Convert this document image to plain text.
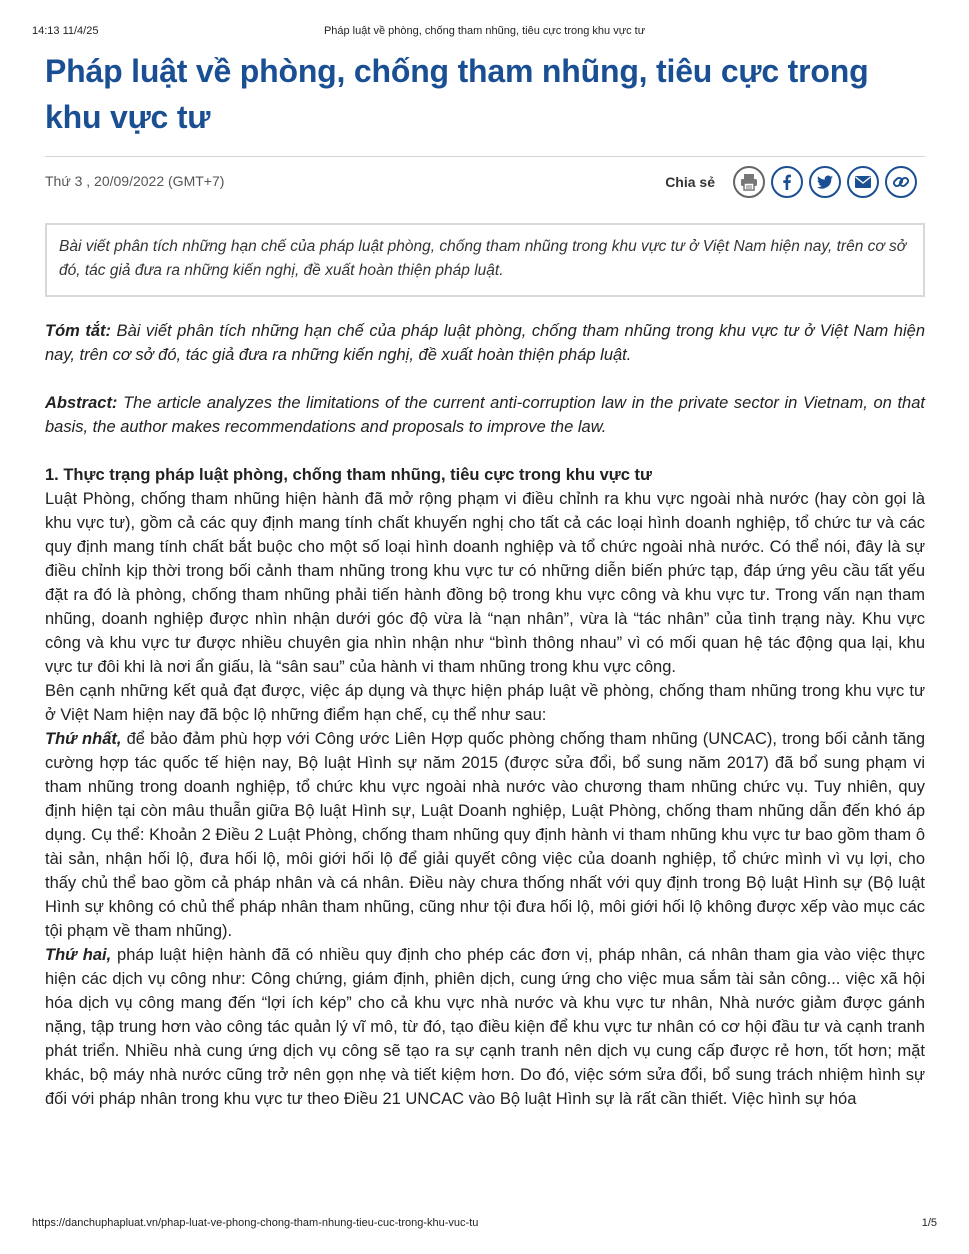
14:13 11/4/25	Pháp luật về phòng, chống tham nhũng, tiêu cực trong khu vực tư
Pháp luật về phòng, chống tham nhũng, tiêu cực trong khu vực tư
Thứ 3 , 20/09/2022 (GMT+7)	Chia sẻ
Bài viết phân tích những hạn chế của pháp luật phòng, chống tham nhũng trong khu vực tư ở Việt Nam hiện nay, trên cơ sở đó, tác giả đưa ra những kiến nghị, đề xuất hoàn thiện pháp luật.

Tóm tắt: Bài viết phân tích những hạn chế của pháp luật phòng, chống tham nhũng trong khu vực tư ở Việt Nam hiện nay, trên cơ sở đó, tác giả đưa ra những kiến nghị, đề xuất hoàn thiện pháp luật.

Abstract: The article analyzes the limitations of the current anti-corruption law in the private sector in Vietnam, on that basis, the author makes recommendations and proposals to improve the law.

1. Thực trạng pháp luật phòng, chống tham nhũng, tiêu cực trong khu vực tư

Luật Phòng, chống tham nhũng hiện hành đã mở rộng phạm vi điều chỉnh ra khu vực ngoài nhà nước (hay còn gọi là khu vực tư), gồm cả các quy định mang tính chất khuyến nghị cho tất cả các loại hình doanh nghiệp, tổ chức tư và các quy định mang tính chất bắt buộc cho một số loại hình doanh nghiệp và tổ chức ngoài nhà nước. Có thể nói, đây là sự điều chỉnh kịp thời trong bối cảnh tham nhũng trong khu vực tư có những diễn biến phức tạp, đáp ứng yêu cầu tất yếu đặt ra đó là phòng, chống tham nhũng phải tiến hành đồng bộ trong khu vực công và khu vực tư. Trong vấn nạn tham nhũng, doanh nghiệp được nhìn nhận dưới góc độ vừa là “nạn nhân”, vừa là “tác nhân” của tình trạng này. Khu vực công và khu vực tư được nhiều chuyên gia nhìn nhận như “bình thông nhau” vì có mối quan hệ tác động qua lại, khu vực tư đôi khi là nơi ẩn giấu, là “sân sau” của hành vi tham nhũng trong khu vực công.

Bên cạnh những kết quả đạt được, việc áp dụng và thực hiện pháp luật về phòng, chống tham nhũng trong khu vực tư ở Việt Nam hiện nay đã bộc lộ những điểm hạn chế, cụ thể như sau:

Thứ nhất, để bảo đảm phù hợp với Công ước Liên Hợp quốc phòng chống tham nhũng (UNCAC), trong bối cảnh tăng cường hợp tác quốc tế hiện nay, Bộ luật Hình sự năm 2015 (được sửa đổi, bổ sung năm 2017) đã bổ sung phạm vi tham nhũng trong doanh nghiệp, tổ chức khu vực ngoài nhà nước vào chương tham nhũng chức vụ. Tuy nhiên, quy định hiện tại còn mâu thuẫn giữa Bộ luật Hình sự, Luật Doanh nghiệp, Luật Phòng, chống tham nhũng dẫn đến khó áp dụng. Cụ thể: Khoản 2 Điều 2 Luật Phòng, chống tham nhũng quy định hành vi tham nhũng khu vực tư bao gồm tham ô tài sản, nhận hối lộ, đưa hối lộ, môi giới hối lộ để giải quyết công việc của doanh nghiệp, tổ chức mình vì vụ lợi, cho thấy chủ thể bao gồm cả pháp nhân và cá nhân. Điều này chưa thống nhất với quy định trong Bộ luật Hình sự (Bộ luật Hình sự không có chủ thể pháp nhân tham nhũng, cũng như tội đưa hối lộ, môi giới hối lộ không được xếp vào mục các tội phạm về tham nhũng).

Thứ hai, pháp luật hiện hành đã có nhiều quy định cho phép các đơn vị, pháp nhân, cá nhân tham gia vào việc thực hiện các dịch vụ công như: Công chứng, giám định, phiên dịch, cung ứng cho việc mua sắm tài sản công... việc xã hội hóa dịch vụ công mang đến “lợi ích kép” cho cả khu vực nhà nước và khu vực tư nhân, Nhà nước giảm được gánh nặng, tập trung hơn vào công tác quản lý vĩ mô, từ đó, tạo điều kiện để khu vực tư nhân có cơ hội đầu tư và cạnh tranh phát triển. Nhiều nhà cung ứng dịch vụ công sẽ tạo ra sự cạnh tranh nên dịch vụ cung cấp được rẻ hơn, tốt hơn; mặt khác, bộ máy nhà nước cũng trở nên gọn nhẹ và tiết kiệm hơn. Do đó, việc sớm sửa đổi, bổ sung trách nhiệm hình sự đối với pháp nhân trong khu vực tư theo Điều 21 UNCAC vào Bộ luật Hình sự là rất cần thiết. Việc hình sự hóa

https://danchuphapluat.vn/phap-luat-ve-phong-chong-tham-nhung-tieu-cuc-trong-khu-vuc-tu	1/5
